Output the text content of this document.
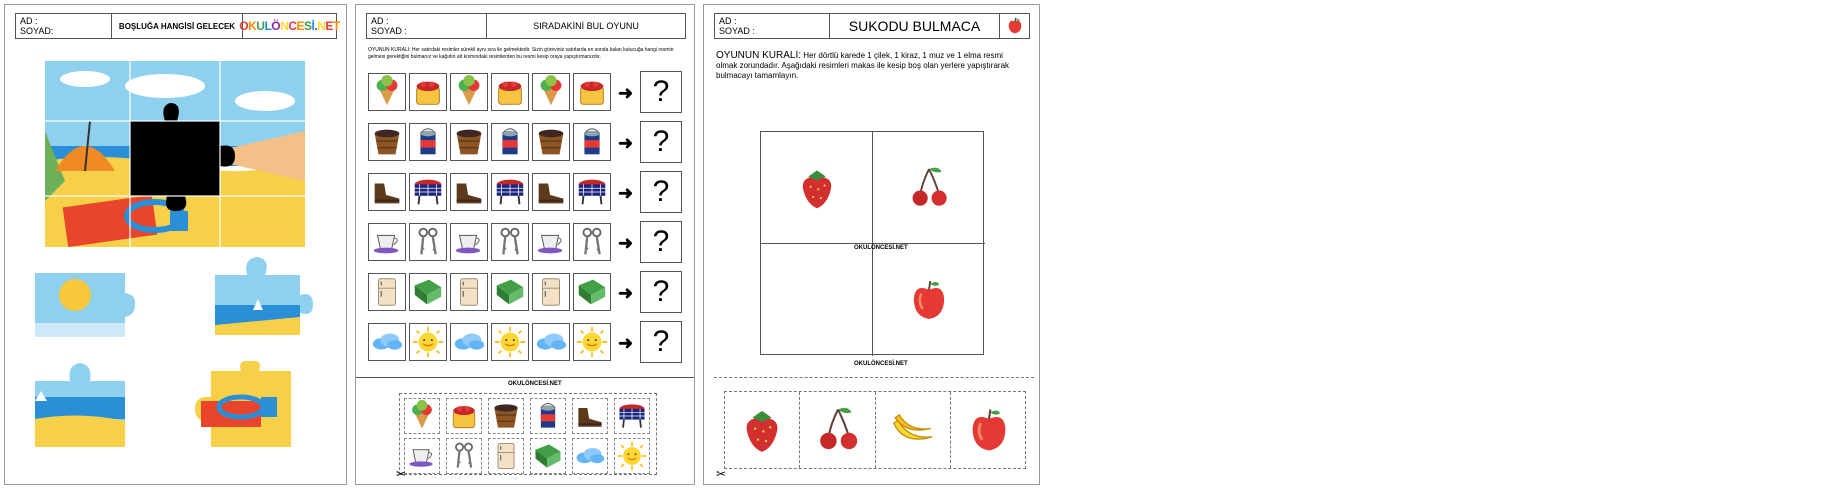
AD :
SOYAD:	BOŞLUĞA HANGİSİ GELECEK OKULÖNCESİ.NET	AD :
SOYAD :	SIRADAKİNİ BUL OYUNU
OYUNUN KURALI: Her satırdaki resimler sürekli aynı sıra ile gelmektedir. Sizin göreviniz satırlarda en sonda kalan kutucuğa hangi resmin gelmesi gerektiğini bulmanız ve kağıdın alt kısmındaki resimlerden bu resmi kesip oraya yapıştırmanızdır.
➜ ?
➜ ?
➜ ?
➜ ?
➜ ?
➜ ?
OKULÖNCESİ.NET
✂
AD :
SOYAD :	SUKODU BULMACA
OYUNUN KURALI: Her dörtlü karede 1 çilek, 1 kiraz, 1 muz ve 1 elma resmi olmak zorundadır. Aşağıdaki resimleri makas ile kesip boş olan yerlere yapıştırarak bulmacayı tamamlayın.
OKULÖNCESİ.NET
OKULÖNCESİ.NET
✂
